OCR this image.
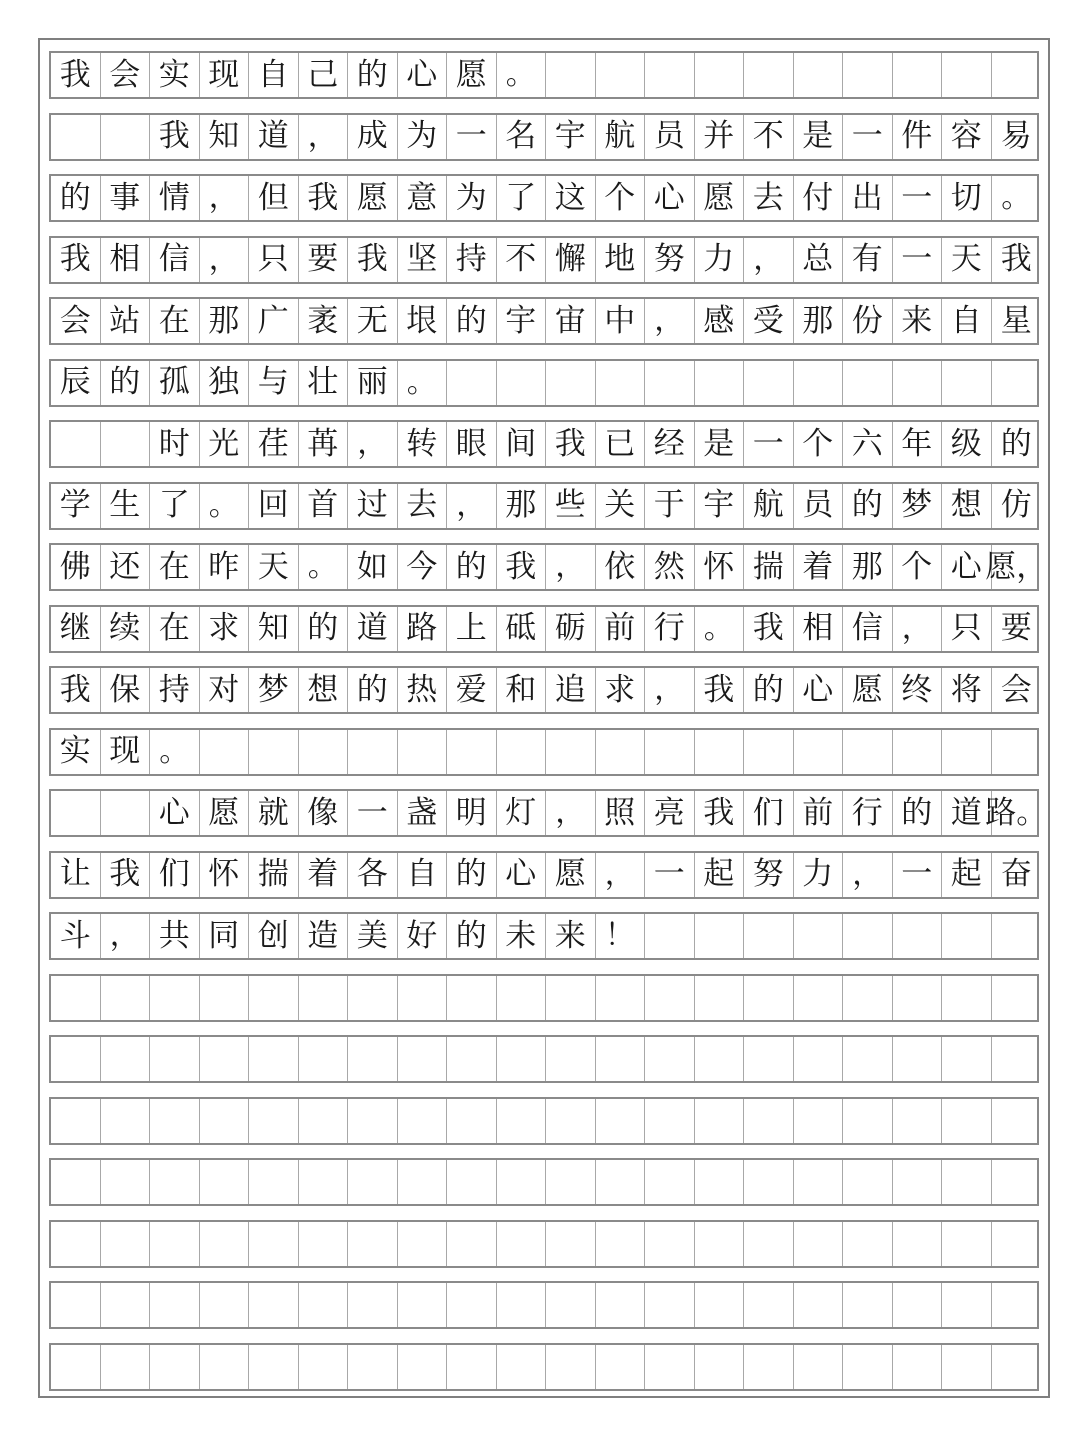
我 会 实 现 自 己 的 心 愿 。
我 知 道 ， 成 为 一 名 宇 航 员 并 不 是 一 件 容 易
的 事 情 ， 但 我 愿 意 为 了 这 个 心 愿 去 付 出 一 切 。
我 相 信 ， 只 要 我 坚 持 不 懈 地 努 力 ， 总 有 一 天 我
会 站 在 那 广 袤 无 垠 的 宇 宙 中 ， 感 受 那 份 来 自 星
辰 的 孤 独 与 壮 丽 。
时 光 荏 苒 ， 转 眼 间 我 已 经 是 一 个 六 年 级 的
学 生 了 。 回 首 过 去 ， 那 些 关 于 宇 航 员 的 梦 想 仿
佛 还 在 昨 天 。 如 今 的 我 ， 依 然 怀 揣 着 那 个 心 愿，
继 续 在 求 知 的 道 路 上 砥 砺 前 行 。 我 相 信 ， 只 要
我 保 持 对 梦 想 的 热 爱 和 追 求 ， 我 的 心 愿 终 将 会
实 现 。
心 愿 就 像 一 盏 明 灯 ， 照 亮 我 们 前 行 的 道 路。
让 我 们 怀 揣 着 各 自 的 心 愿 ， 一 起 努 力 ， 一 起 奋
斗 ， 共 同 创 造 美 好 的 未 来 ！
